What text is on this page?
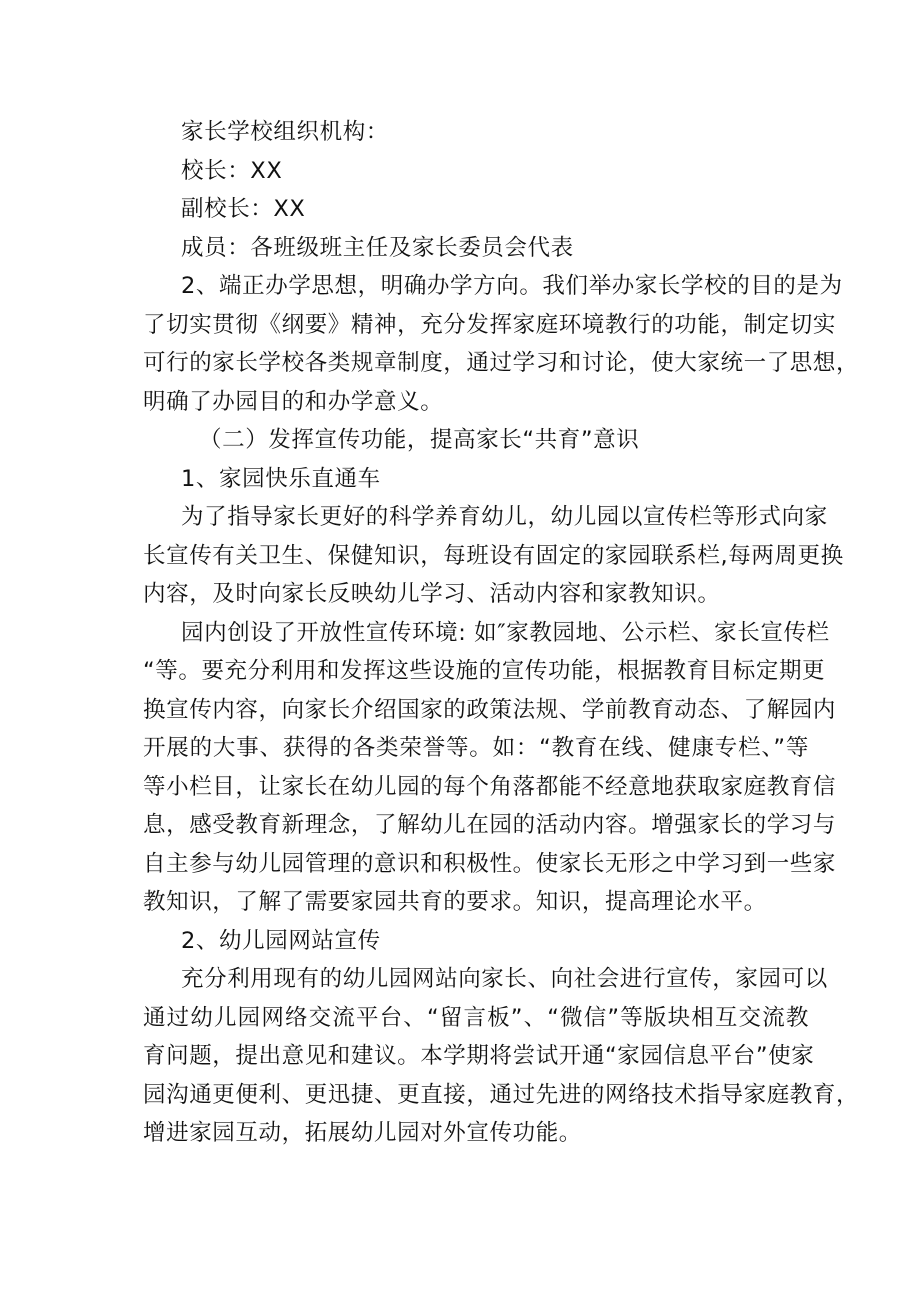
家长学校组织机构：
校长：XX
副校长：XX
成员：各班级班主任及家长委员会代表
2、端正办学思想，明确办学方向。我们举办家长学校的目的是为
了切实贯彻《纲要》精神，充分发挥家庭环境教行的功能，制定切实
可行的家长学校各类规章制度，通过学习和讨论，使大家统一了思想，
明确了办园目的和办学意义。
（二）发挥宣传功能，提高家长“共育”意识
1、家园快乐直通车
为了指导家长更好的科学养育幼儿，幼儿园以宣传栏等形式向家
长宣传有关卫生、保健知识，每班设有固定的家园联系栏,每两周更换
内容，及时向家长反映幼儿学习、活动内容和家教知识。
园内创设了开放性宣传环境: 如″家教园地、公示栏、家长宣传栏
“等。要充分利用和发挥这些设施的宣传功能，根据教育目标定期更
换宣传内容，向家长介绍国家的政策法规、学前教育动态、了解园内
开展的大事、获得的各类荣誉等。如：“教育在线、健康专栏、”等
等小栏目，让家长在幼儿园的每个角落都能不经意地获取家庭教育信
息，感受教育新理念，了解幼儿在园的活动内容。增强家长的学习与
自主参与幼儿园管理的意识和积极性。使家长无形之中学习到一些家
教知识，了解了需要家园共育的要求。知识，提高理论水平。
2、幼儿园网站宣传
充分利用现有的幼儿园网站向家长、向社会进行宣传，家园可以
通过幼儿园网络交流平台、“留言板”、“微信”等版块相互交流教
育问题，提出意见和建议。本学期将尝试开通“家园信息平台”使家
园沟通更便利、更迅捷、更直接，通过先进的网络技术指导家庭教育，
增进家园互动，拓展幼儿园对外宣传功能。
